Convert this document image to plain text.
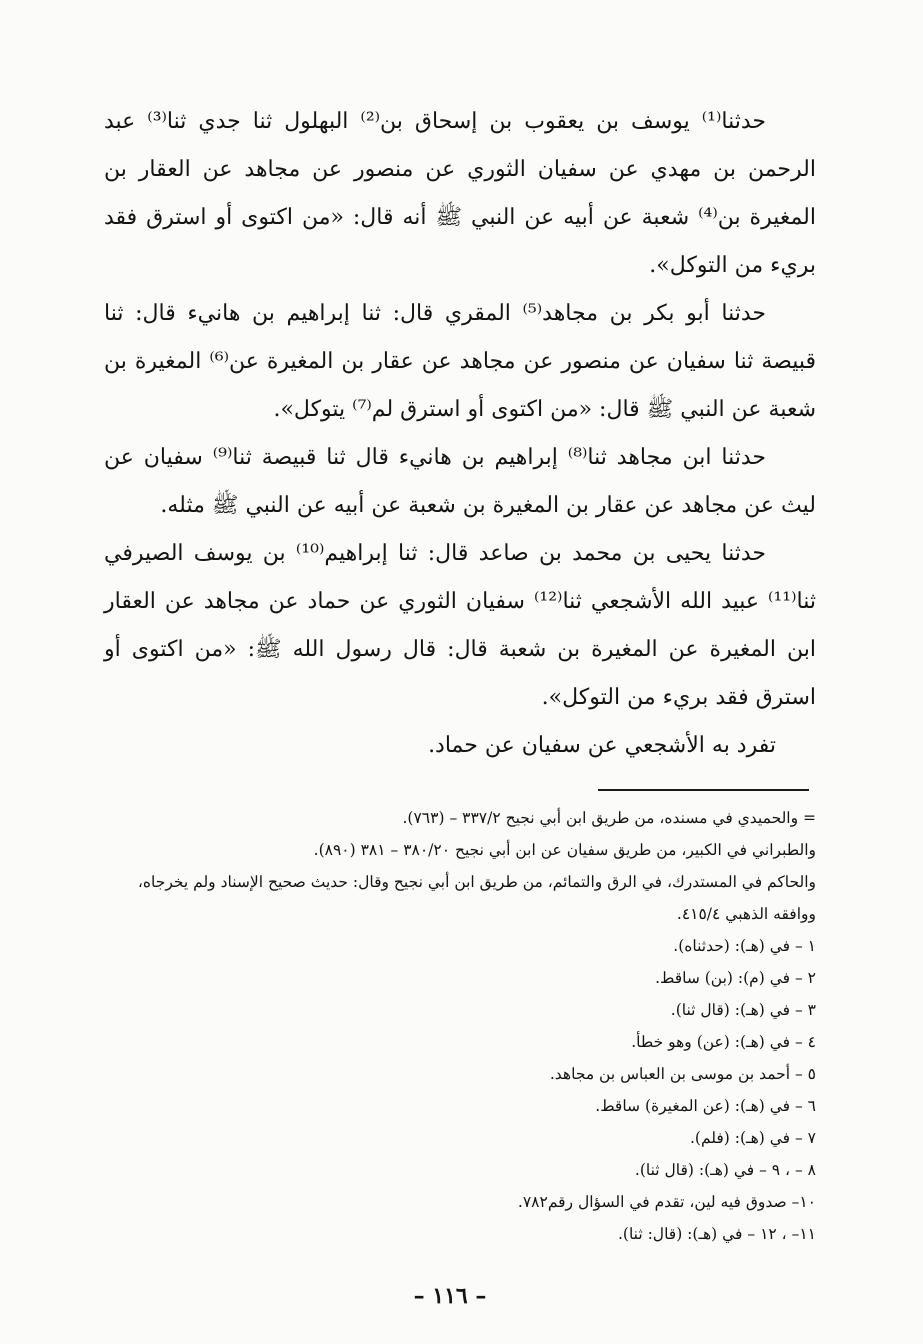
حدثنا⁽¹⁾ يوسف بن يعقوب بن إسحاق بن⁽²⁾ البهلول ثنا جدي ثنا⁽³⁾ عبد الرحمن بن مهدي عن سفيان الثوري عن منصور عن مجاهد عن العقار بن المغيرة بن⁽⁴⁾ شعبة عن أبيه عن النبي ﷺ أنه قال: «من اكتوى أو استرق فقد بريء من التوكل».

حدثنا أبو بكر بن مجاهد⁽⁵⁾ المقري قال: ثنا إبراهيم بن هانيء قال: ثنا قبيصة ثنا سفيان عن منصور عن مجاهد عن عقار بن المغيرة عن⁽⁶⁾ المغيرة بن شعبة عن النبي ﷺ قال: «من اكتوى أو استرق لم⁽⁷⁾ يتوكل».

حدثنا ابن مجاهد ثنا⁽⁸⁾ إبراهيم بن هانيء قال ثنا قبيصة ثنا⁽⁹⁾ سفيان عن ليث عن مجاهد عن عقار بن المغيرة بن شعبة عن أبيه عن النبي ﷺ مثله.

حدثنا يحيى بن محمد بن صاعد قال: ثنا إبراهيم⁽¹⁰⁾ بن يوسف الصيرفي ثنا⁽¹¹⁾ عبيد الله الأشجعي ثنا⁽¹²⁾ سفيان الثوري عن حماد عن مجاهد عن العقار ابن المغيرة عن المغيرة بن شعبة قال: قال رسول الله ﷺ: «من اكتوى أو استرق فقد بريء من التوكل».

تفرد به الأشجعي عن سفيان عن حماد.

= والحميدي في مسنده، من طريق ابن أبي نجيح ٣٣٧/٢ – (٧٦٣).
والطبراني في الكبير، من طريق سفيان عن ابن أبي نجيح ٣٨٠/٢٠ – ٣٨١ (٨٩٠).
والحاكم في المستدرك، في الرق والتمائم، من طريق ابن أبي نجيح وقال: حديث صحيح الإسناد ولم يخرجاه،
ووافقه الذهبي ٤١٥/٤.
١ – في (هـ): (حدثناه).
٢ – في (م): (بن) ساقط.
٣ – في (هـ): (قال ثنا).
٤ – في (هـ): (عن) وهو خطأ.
٥ – أحمد بن موسى بن العباس بن مجاهد.
٦ – في (هـ): (عن المغيرة) ساقط.
٧ – في (هـ): (فلم).
٨ – ، ٩ – في (هـ): (قال ثنا).
١٠– صدوق فيه لين، تقدم في السؤال رقم٧٨٢.
١١– ، ١٢ – في (هـ): (قال: ثنا).
– ١١٦ –
